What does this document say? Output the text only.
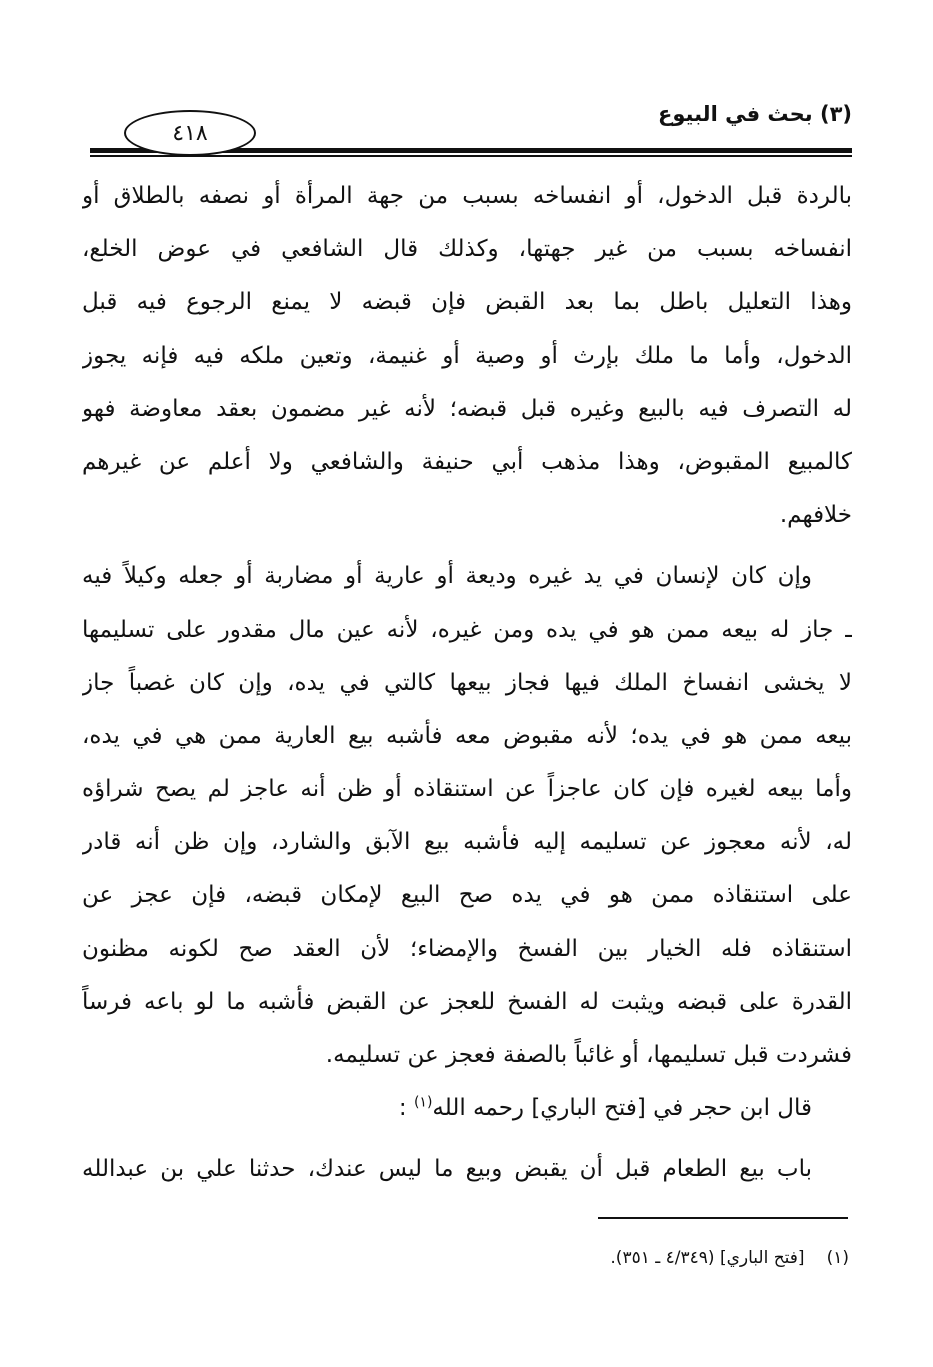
٤١٨
(٣) بحث في البيوع
بالردة قبل الدخول، أو انفساخه بسبب من جهة المرأة أو نصفه بالطلاق أو
انفساخه بسبب من غير جهتها، وكذلك قال الشافعي في عوض الخلع،
وهذا التعليل باطل بما بعد القبض فإن قبضه لا يمنع الرجوع فيه قبل
الدخول، وأما ما ملك بإرث أو وصية أو غنيمة، وتعين ملكه فيه فإنه يجوز
له التصرف فيه بالبيع وغيره قبل قبضه؛ لأنه غير مضمون بعقد معاوضة فهو
كالمبيع المقبوض، وهذا مذهب أبي حنيفة والشافعي ولا أعلم عن غيرهم
خلافهم.
وإن كان لإنسان في يد غيره وديعة أو عارية أو مضاربة أو جعله وكيلاً فيه
ـ جاز له بيعه ممن هو في يده ومن غيره، لأنه عين مال مقدور على تسليمها
لا يخشى انفساخ الملك فيها فجاز بيعها كالتي في يده، وإن كان غصباً جاز
بيعه ممن هو في يده؛ لأنه مقبوض معه فأشبه بيع العارية ممن هي في يده،
وأما بيعه لغيره فإن كان عاجزاً عن استنقاذه أو ظن أنه عاجز لم يصح شراؤه
له، لأنه معجوز عن تسليمه إليه فأشبه بيع الآبق والشارد، وإن ظن أنه قادر
على استنقاذه ممن هو في يده صح البيع لإمكان قبضه، فإن عجز عن
استنقاذه فله الخيار بين الفسخ والإمضاء؛ لأن العقد صح لكونه مظنون
القدرة على قبضه ويثبت له الفسخ للعجز عن القبض فأشبه ما لو باعه فرساً
فشردت قبل تسليمها، أو غائباً بالصفة فعجز عن تسليمه.
قال ابن حجر في [فتح الباري] رحمه الله$^{(١)}$ :
باب بيع الطعام قبل أن يقبض وبيع ما ليس عندك، حدثنا علي بن عبدالله
(١)[فتح الباري] (٤/٣٤٩ ـ ٣٥١).
